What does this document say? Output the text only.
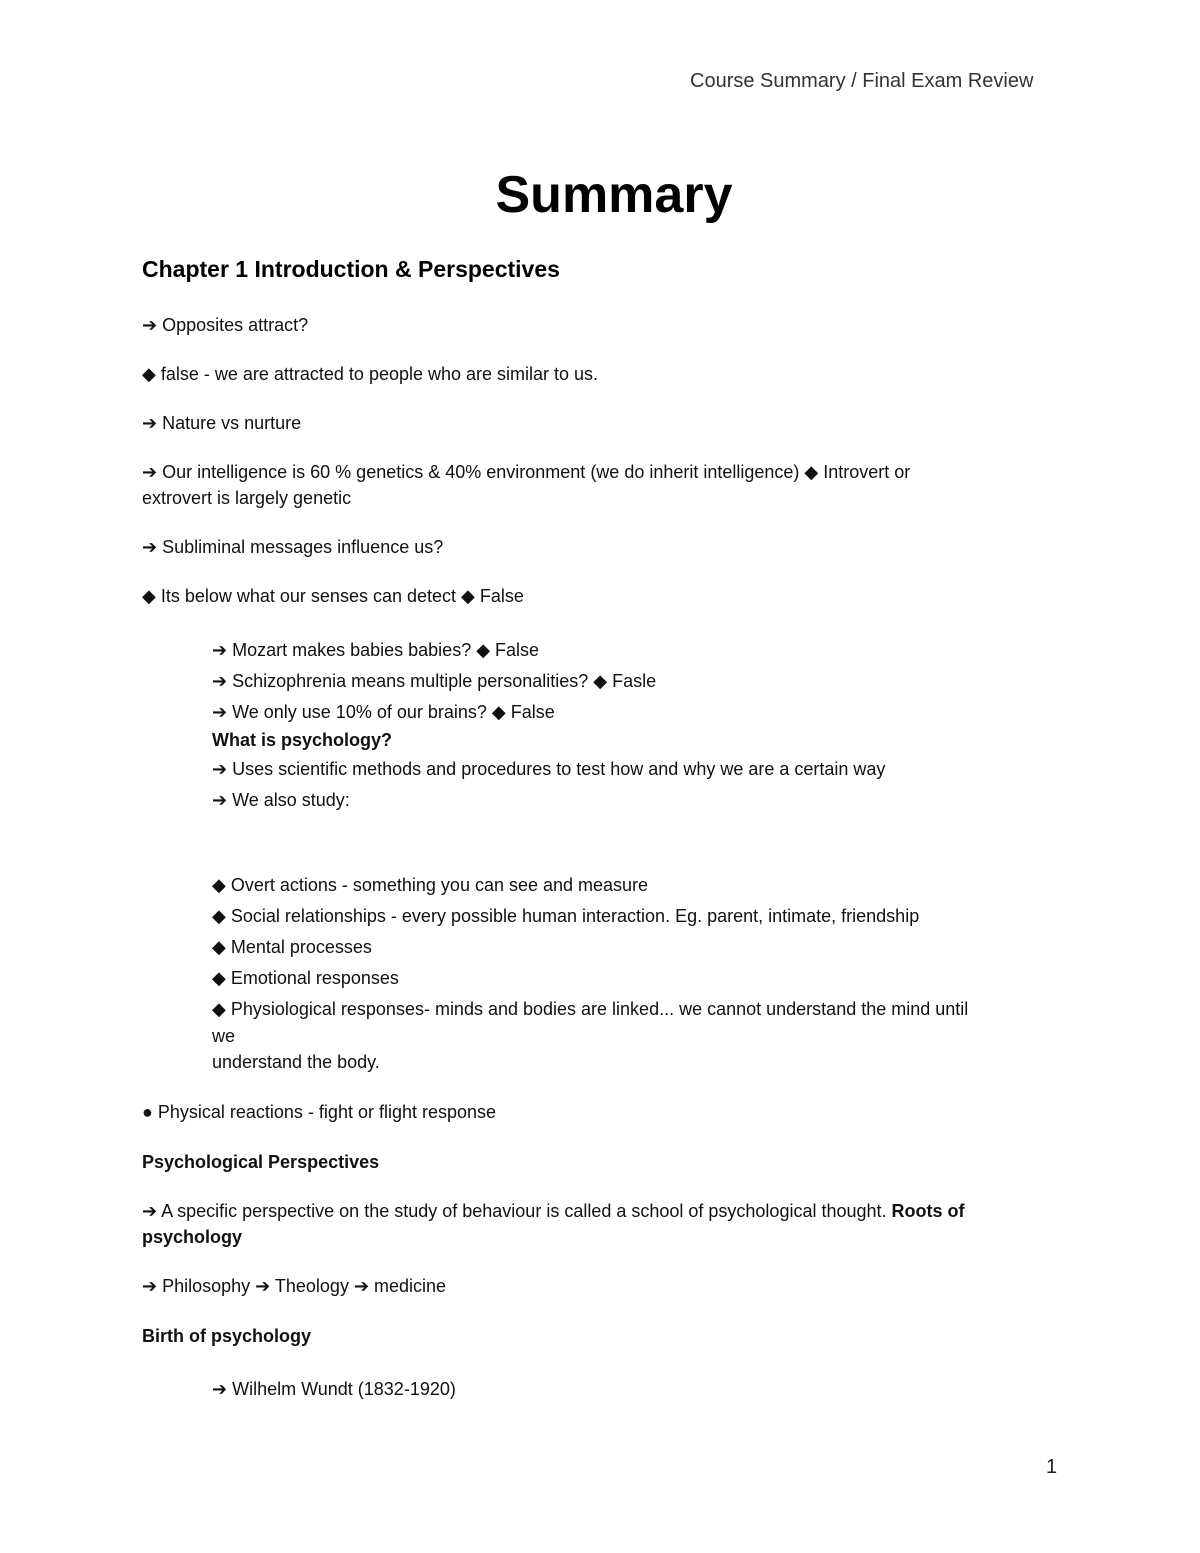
Course Summary / Final Exam Review
Summary
Chapter 1 Introduction & Perspectives
➔ Opposites attract?
◆ false - we are attracted to people who are similar to us.
➔ Nature vs nurture
➔ Our intelligence is 60 % genetics & 40% environment (we do inherit intelligence) ◆ Introvert or
extrovert is largely genetic
➔ Subliminal messages influence us?
◆ Its below what our senses can detect ◆ False
➔ Mozart makes babies babies? ◆ False
➔ Schizophrenia means multiple personalities? ◆ Fasle
➔ We only use 10% of our brains? ◆ False
What is psychology?
➔ Uses scientific methods and procedures to test how and why we are a certain way
➔ We also study:
◆ Overt actions - something you can see and measure
◆ Social relationships - every possible human interaction. Eg. parent, intimate, friendship
◆ Mental processes
◆ Emotional responses
◆ Physiological responses- minds and bodies are linked... we cannot understand the mind until
we
understand the body.
● Physical reactions - fight or flight response
Psychological Perspectives
➔ A specific perspective on the study of behaviour is called a school of psychological thought. Roots of
psychology
➔ Philosophy ➔ Theology ➔ medicine
Birth of psychology
➔ Wilhelm Wundt (1832-1920)
1
